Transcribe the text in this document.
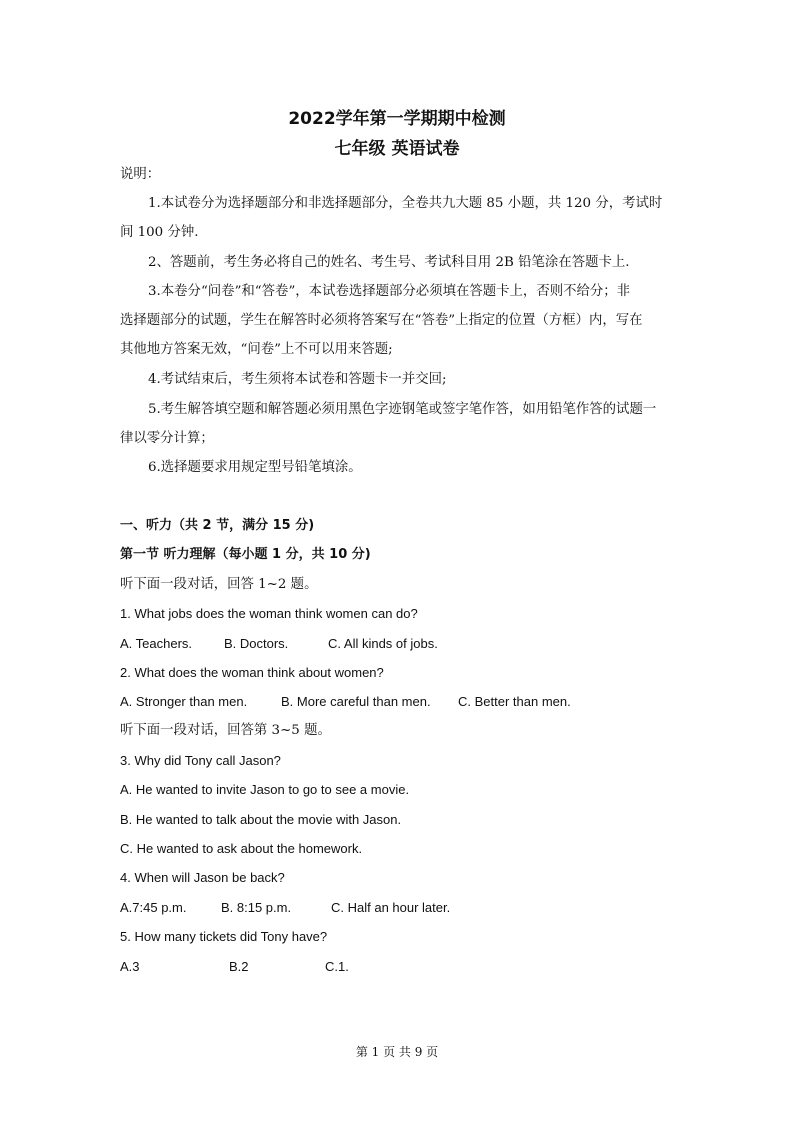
2022学年第一学期期中检测
七年级 英语试卷
说明：
1.本试卷分为选择题部分和非选择题部分，全卷共九大题 85 小题，共 120 分，考试时
间 100 分钟.
2、答题前，考生务必将自己的姓名、考生号、考试科目用 2B 铅笔涂在答题卡上.
3.本卷分“问卷”和“答卷”，本试卷选择题部分必须填在答题卡上，否则不给分；非
选择题部分的试题，学生在解答时必须将答案写在“答卷”上指定的位置（方框）内，写在
其他地方答案无效，“问卷”上不可以用来答题;
4.考试结束后，考生须将本试卷和答题卡一并交回;
5.考生解答填空题和解答题必须用黑色字迹钢笔或签字笔作答，如用铅笔作答的试题一
律以零分计算；
6.选择题要求用规定型号铅笔填涂。
一、听力（共 2 节，满分 15 分)
第一节 听力理解（每小题 1 分，共 10 分)
听下面一段对话，回答 1~2 题。
1. What jobs does the woman think women can do?
A. Teachers. B. Doctors.	C. All kinds of jobs.
2. What does the woman think about women?
A. Stronger than men.	B. More careful than men. C. Better than men.
听下面一段对话，回答第 3~5 题。
3. Why did Tony call Jason?
A. He wanted to invite Jason to go to see a movie.
B. He wanted to talk about the movie with Jason.
C. He wanted to ask about the homework.
4. When will Jason be back?
A.7:45 p.m.	B. 8:15 p.m.	C. Half an hour later.
5. How many tickets did Tony have?
A.3	B.2	C.1.
第 1 页 共 9 页
